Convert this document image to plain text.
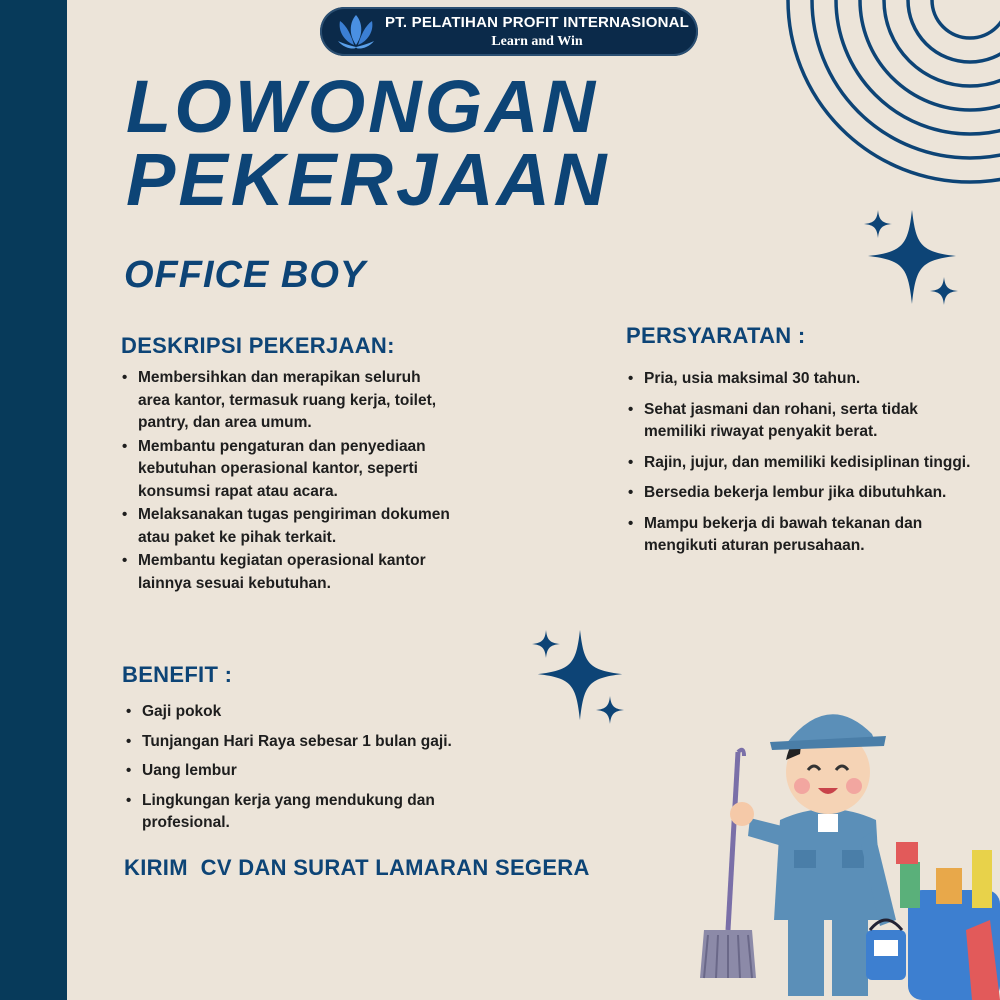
PT. PELATIHAN PROFIT INTERNASIONAL
Learn and Win
LOWONGAN
PEKERJAAN
OFFICE BOY
DESKRIPSI PEKERJAAN:
• Membersihkan dan merapikan seluruh area kantor, termasuk ruang kerja, toilet, pantry, dan area umum.
• Membantu pengaturan dan penyediaan kebutuhan operasional kantor, seperti konsumsi rapat atau acara.
• Melaksanakan tugas pengiriman dokumen atau paket ke pihak terkait.
• Membantu kegiatan operasional kantor lainnya sesuai kebutuhan.
PERSYARATAN :
• Pria, usia maksimal 30 tahun.
• Sehat jasmani dan rohani, serta tidak memiliki riwayat penyakit berat.
• Rajin, jujur, dan memiliki kedisiplinan tinggi.
• Bersedia bekerja lembur jika dibutuhkan.
• Mampu bekerja di bawah tekanan dan mengikuti aturan perusahaan.
BENEFIT :
• Gaji pokok
• Tunjangan Hari Raya sebesar 1 bulan gaji.
• Uang lembur
• Lingkungan kerja yang mendukung dan profesional.
KIRIM  CV DAN SURAT LAMARAN SEGERA
